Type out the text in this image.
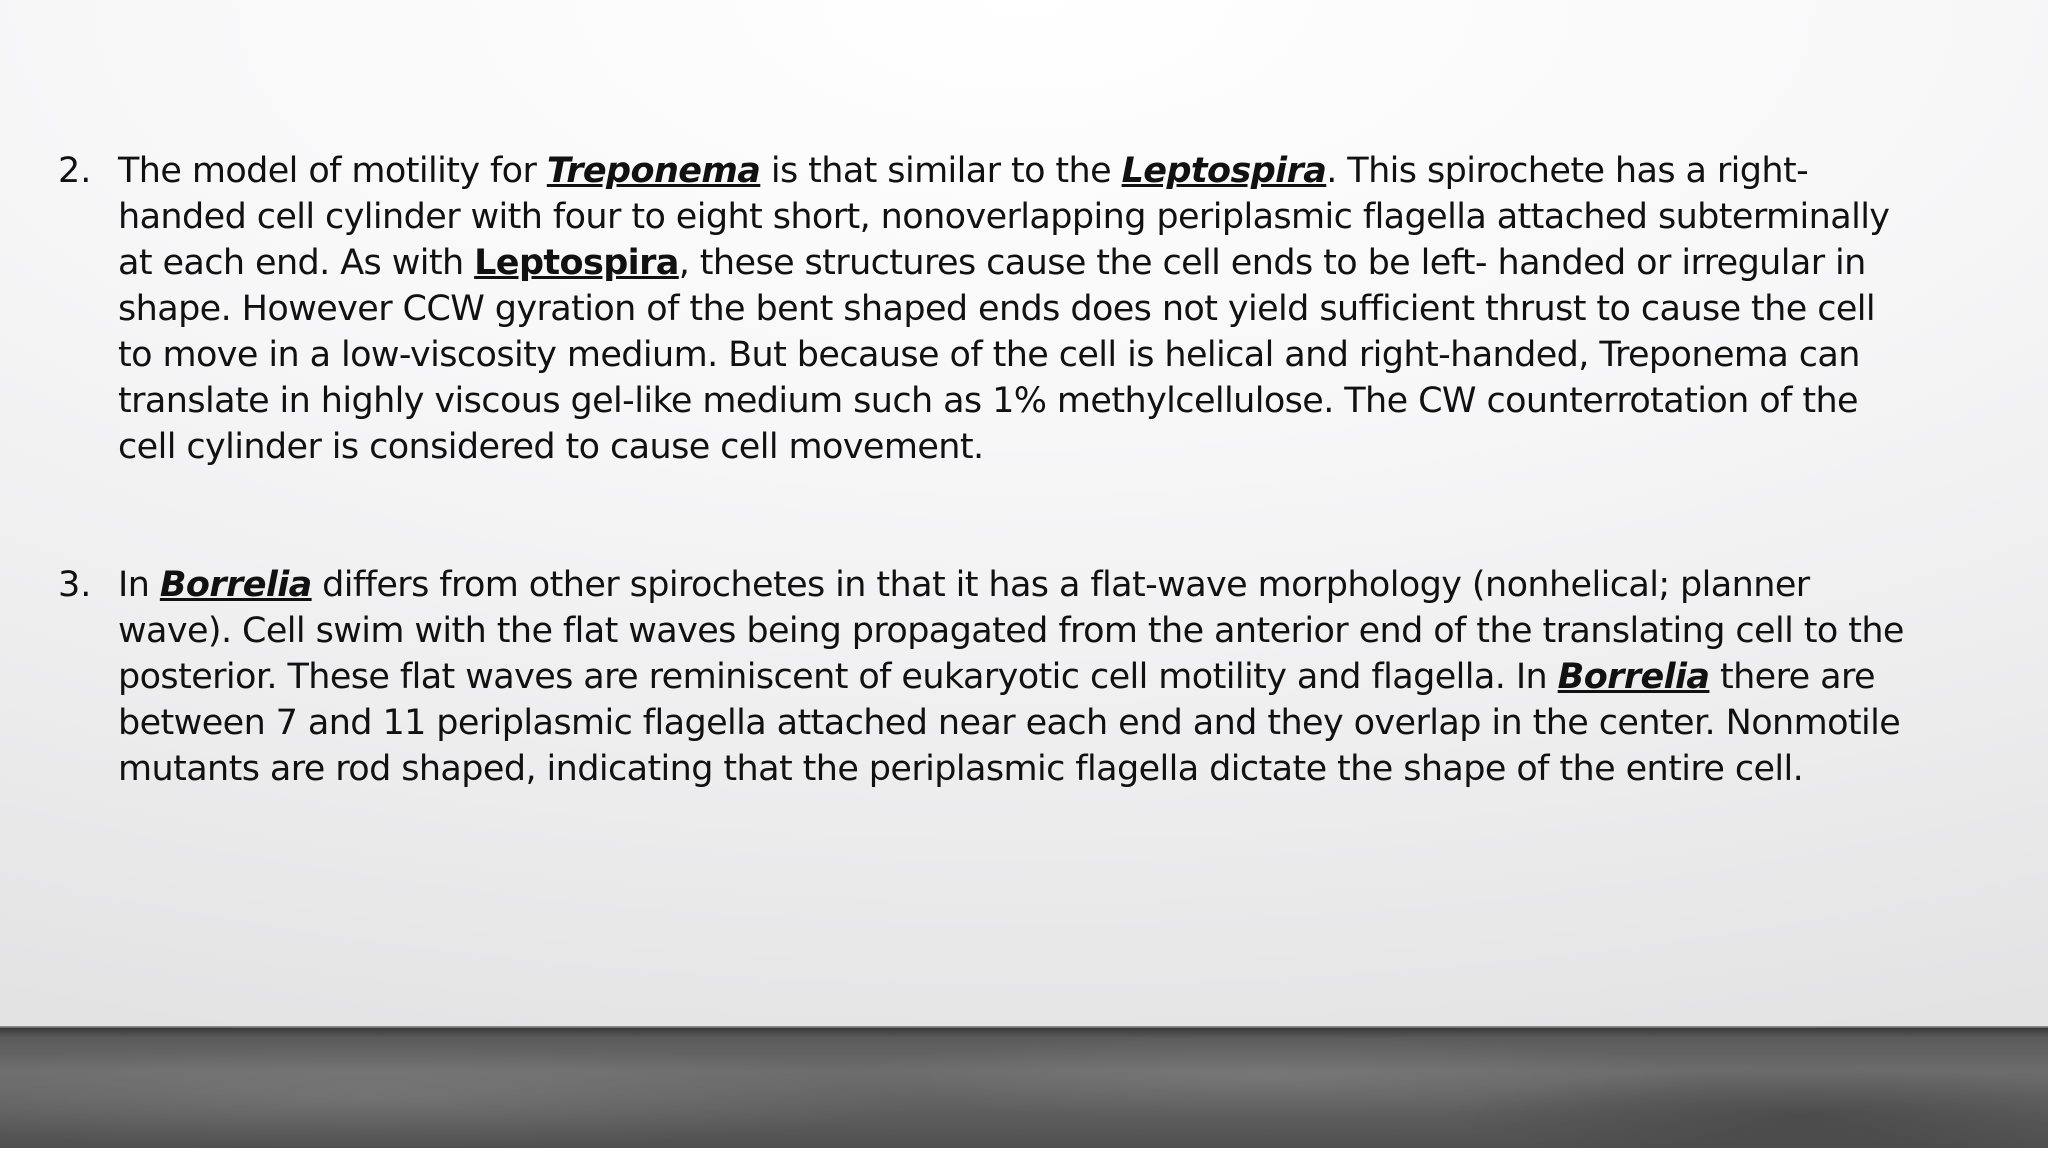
2. The model of motility for Treponema is that similar to the Leptospira. This spirochete has a right-handed cell cylinder with four to eight short, nonoverlapping periplasmic flagella attached subterminally at each end. As with Leptospira, these structures cause the cell ends to be left- handed or irregular in shape. However CCW gyration of the bent shaped ends does not yield sufficient thrust to cause the cell to move in a low-viscosity medium. But because of the cell is helical and right-handed, Treponema can translate in highly viscous gel-like medium such as 1% methylcellulose. The CW counterrotation of the cell cylinder is considered to cause cell movement.

3. In Borrelia differs from other spirochetes in that it has a flat-wave morphology (nonhelical; planner wave). Cell swim with the flat waves being propagated from the anterior end of the translating cell to the posterior. These flat waves are reminiscent of eukaryotic cell motility and flagella. In Borrelia there are between 7 and 11 periplasmic flagella attached near each end and they overlap in the center. Nonmotile mutants are rod shaped, indicating that the periplasmic flagella dictate the shape of the entire cell.
